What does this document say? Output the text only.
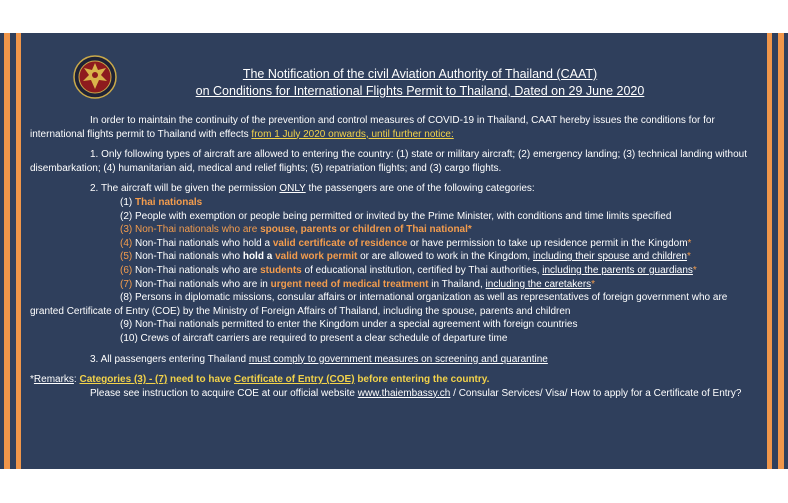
The Notification of the civil Aviation Authority of Thailand (CAAT)
on Conditions for International Flights Permit to Thailand, Dated on 29 June 2020

In order to maintain the continuity of the prevention and control measures of COVID-19 in Thailand, CAAT hereby issues the conditions for for international flights permit to Thailand with effects from 1 July 2020 onwards, until further notice:

1. Only following types of aircraft are allowed to entering the country: (1) state or military aircraft; (2) emergency landing; (3) technical landing without disembarkation; (4) humanitarian aid, medical and relief flights; (5) repatriation flights; and (3) cargo flights.

2. The aircraft will be given the permission ONLY the passengers are one of the following categories:

(1) Thai nationals
(2) People with exemption or people being permitted or invited by the Prime Minister, with conditions and time limits specified
(3) Non-Thai nationals who are spouse, parents or children of Thai national*
(4) Non-Thai nationals who hold a valid certificate of residence or have permission to take up residence permit in the Kingdom*
(5) Non-Thai nationals who hold a valid work permit or are allowed to work in the Kingdom, including their spouse and children*
(6) Non-Thai nationals who are students of educational institution, certified by Thai authorities, including the parents or guardians*
(7) Non-Thai nationals who are in urgent need of medical treatment in Thailand, including the caretakers*

(8) Persons in diplomatic missions, consular affairs or international organization as well as representatives of foreign government who are granted Certificate of Entry (COE) by the Ministry of Foreign Affairs of Thailand, including the spouse, parents and children

(9) Non-Thai nationals permitted to enter the Kingdom under a special agreement with foreign countries
(10) Crews of aircraft carriers are required to present a clear schedule of departure time

3. All passengers entering Thailand must comply to government measures on screening and quarantine

*Remarks: Categories (3) - (7) need to have Certificate of Entry (COE) before entering the country.

Please see instruction to acquire COE at our official website www.thaiembassy.ch / Consular Services/ Visa/ How to apply for a Certificate of Entry?
